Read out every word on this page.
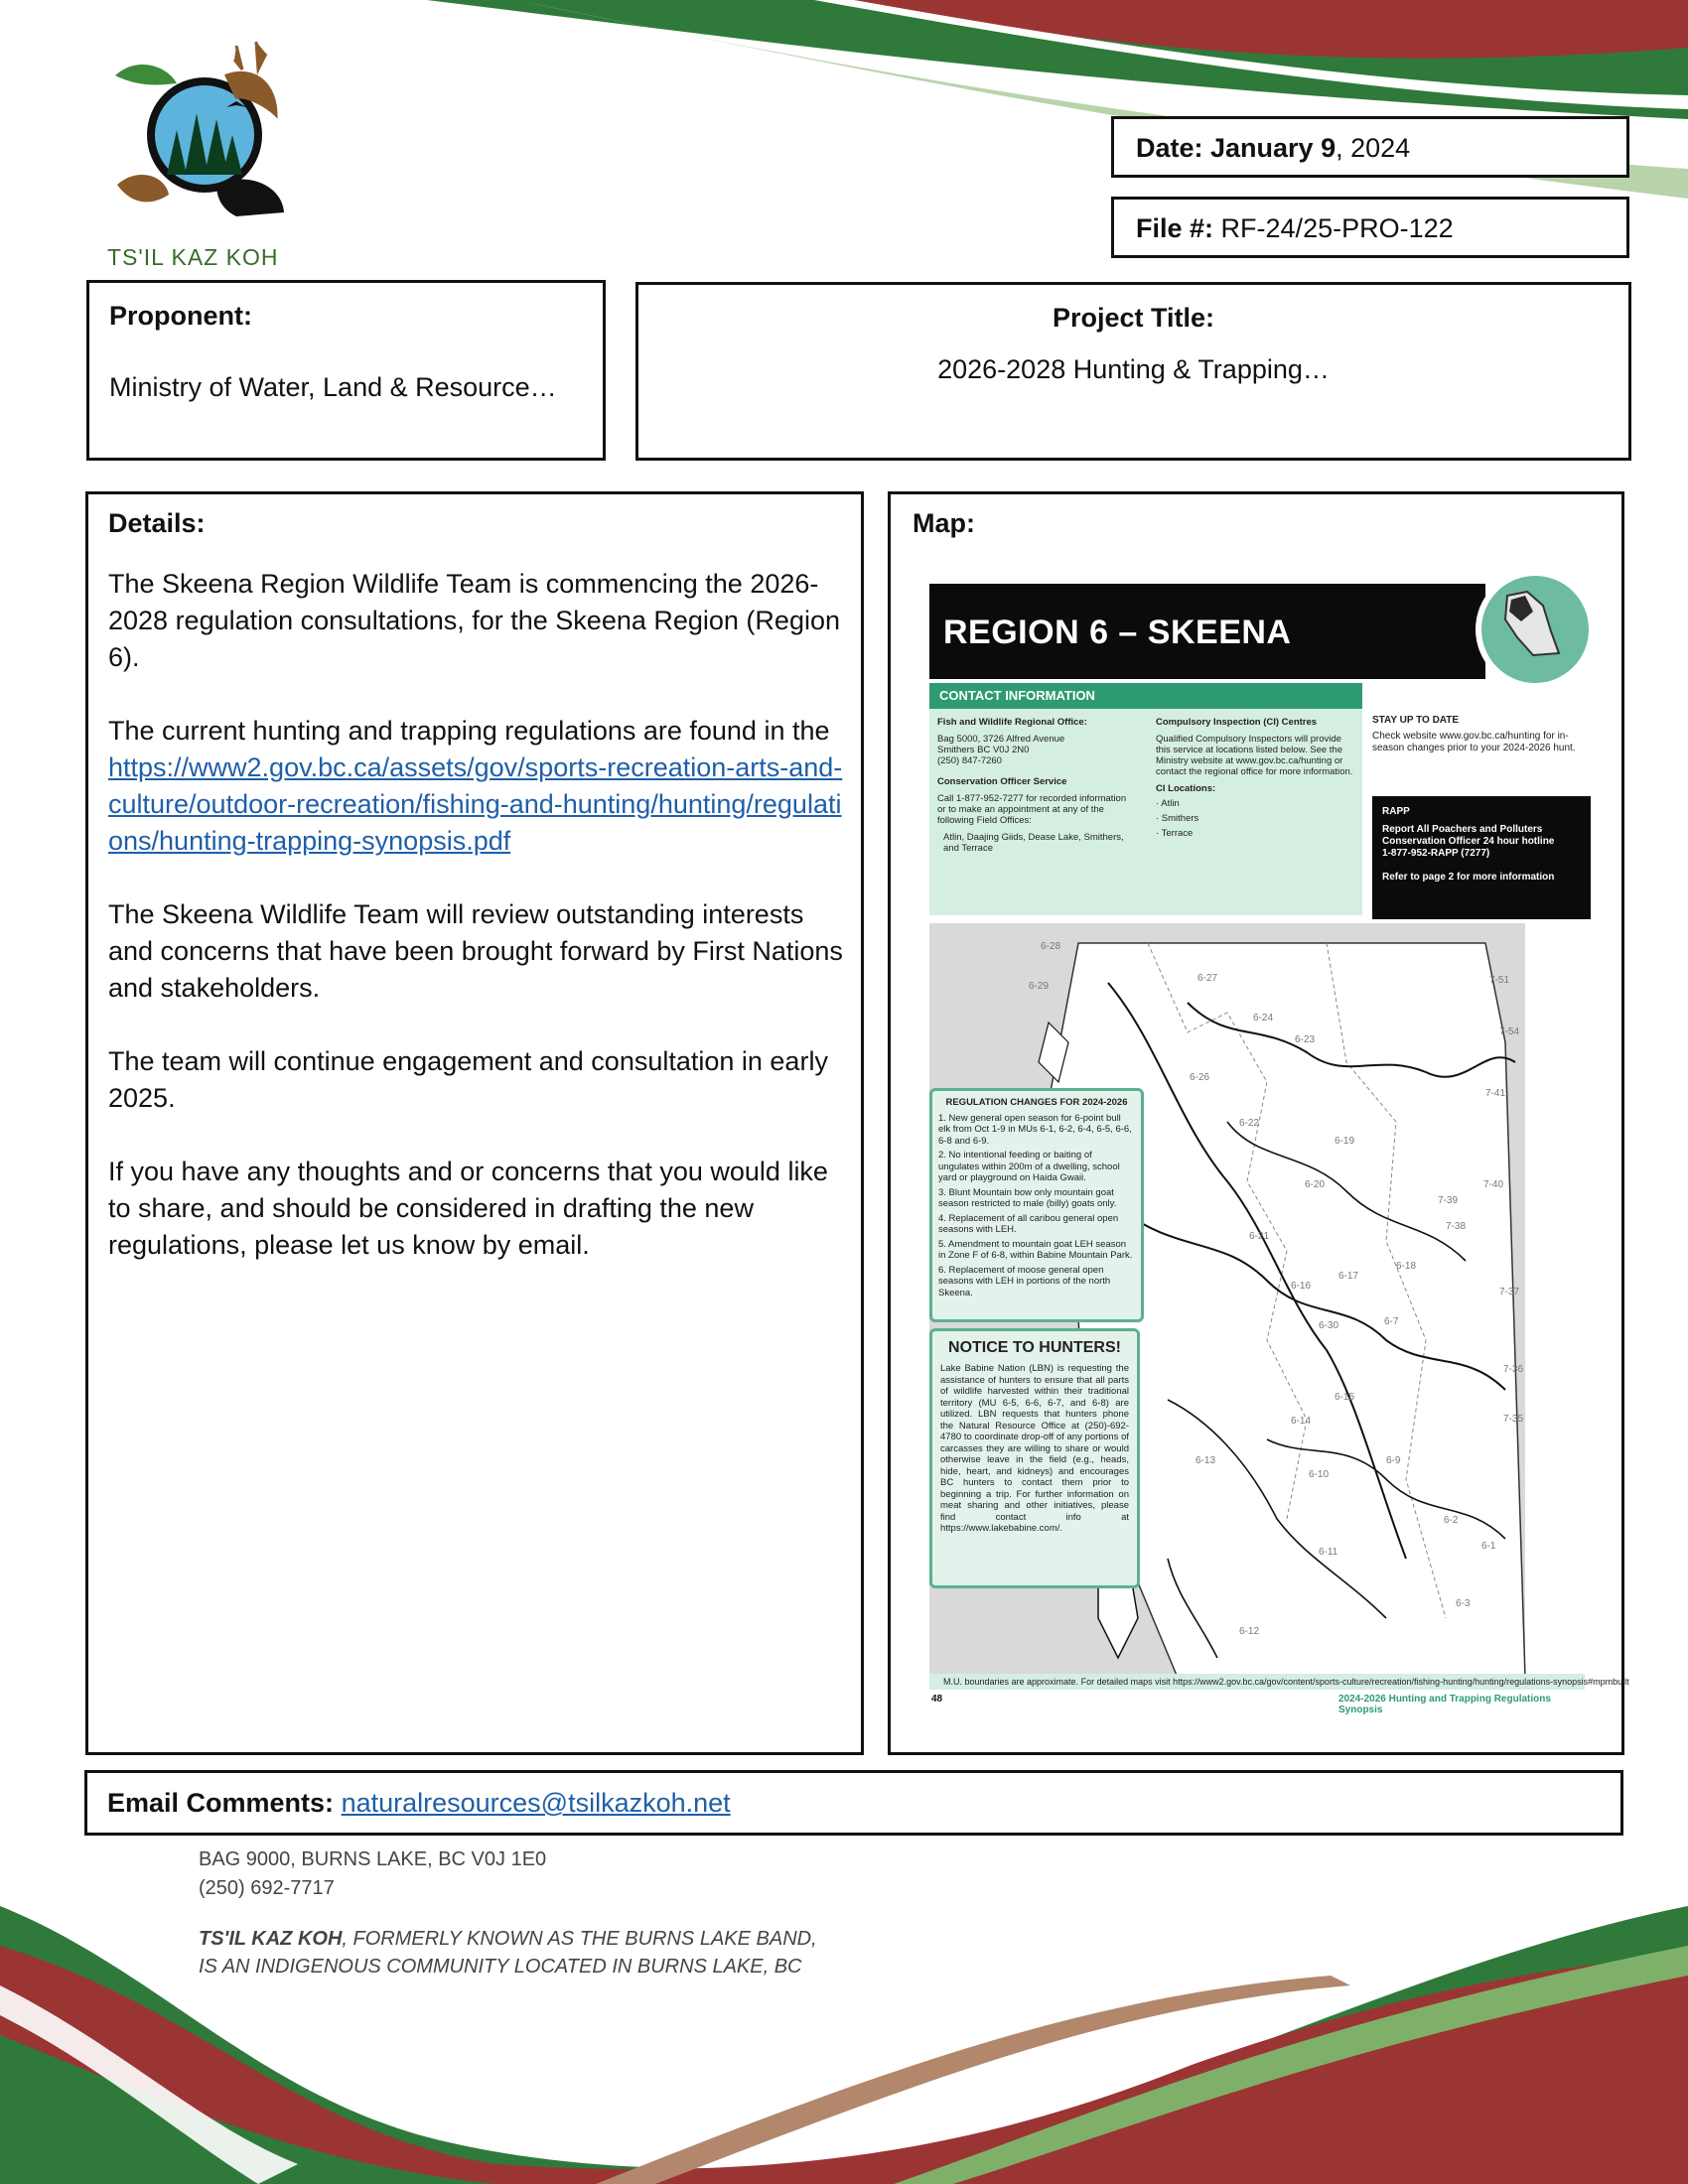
TS'IL KAZ KOH
Date: January 9, 2024
File #: RF-24/25-PRO-122
Proponent:
Ministry of Water, Land & Resource…
Project Title:
2026-2028 Hunting & Trapping…
Details:

The Skeena Region Wildlife Team is commencing the 2026-2028 regulation consultations, for the Skeena Region (Region 6).

The current hunting and trapping regulations are found in the https://www2.gov.bc.ca/assets/gov/sports-recreation-arts-and-culture/outdoor-recreation/fishing-and-hunting/hunting/regulations/hunting-trapping-synopsis.pdf

The Skeena Wildlife Team will review outstanding interests and concerns that have been brought forward by First Nations and stakeholders.

The team will continue engagement and consultation in early 2025.

If you have any thoughts and or concerns that you would like to share, and should be considered in drafting the new regulations, please let us know by email.

Map:
REGION 6 – SKEENA
CONTACT INFORMATION
Fish and Wildlife Regional Office:
Bag 5000, 3726 Alfred Avenue
Smithers BC V0J 2N0
(250) 847-7260
Conservation Officer Service
Call 1-877-952-7277 for recorded information or to make an appointment at any of the following Field Offices:
Atlin, Daajing Giids, Dease Lake, Smithers, and Terrace
Compulsory Inspection (CI) Centres
Qualified Compulsory Inspectors will provide this service at locations listed below. See the Ministry website at www.gov.bc.ca/hunting or contact the regional office for more information.
CI Locations:
· Atlin
· Smithers
· Terrace
STAY UP TO DATE
Check website www.gov.bc.ca/hunting for in-season changes prior to your 2024-2026 hunt.
RAPP
Report All Poachers and Polluters
Conservation Officer 24 hour hotline
1-877-952-RAPP (7277)
Refer to page 2 for more information
6-28
6-29
6-27
6-24
6-23
6-26
6-22
6-19
6-20
6-21
6-16
6-17
6-18
6-30	6-7
6-15
6-14
6-13
6-10
6-9
6-2
6-12
6-11
6-1
6-3
7-51
7-54
7-41
7-40
7-39
7-38
7-37
7-36
7-35
REGULATION CHANGES FOR 2024-2026
1. New general open season for 6-point bull elk from Oct 1-9 in MUs 6-1, 6-2, 6-4, 6-5, 6-6, 6-8 and 6-9.
2. No intentional feeding or baiting of ungulates within 200m of a dwelling, school yard or playground on Haida Gwaii.
3. Blunt Mountain bow only mountain goat season restricted to male (billy) goats only.
4. Replacement of all caribou general open seasons with LEH.
5. Amendment to mountain goat LEH season in Zone F of 6-8, within Babine Mountain Park.
6. Replacement of moose general open seasons with LEH in portions of the north Skeena.
NOTICE TO HUNTERS!
Lake Babine Nation (LBN) is requesting the assistance of hunters to ensure that all parts of wildlife harvested within their traditional territory (MU 6-5, 6-6, 6-7, and 6-8) are utilized. LBN requests that hunters phone the Natural Resource Office at (250)-692-4780 to coordinate drop-off of any portions of carcasses they are willing to share or would otherwise leave in the field (e.g., heads, hide, heart, and kidneys) and encourages BC hunters to contact them prior to beginning a trip. For further information on meat sharing and other initiatives, please find contact info at https://www.lakebabine.com/.
M.U. boundaries are approximate. For detailed maps visit https://www2.gov.bc.ca/gov/content/sports-culture/recreation/fishing-hunting/hunting/regulations-synopsis#mpmbuilt
48	2024-2026 Hunting and Trapping Regulations Synopsis
Email Comments: naturalresources@tsilkazkoh.net
BAG 9000, BURNS LAKE, BC V0J 1E0
(250) 692-7717
TS'IL KAZ KOH, FORMERLY KNOWN AS THE BURNS LAKE BAND,
IS AN INDIGENOUS COMMUNITY LOCATED IN BURNS LAKE, BC
